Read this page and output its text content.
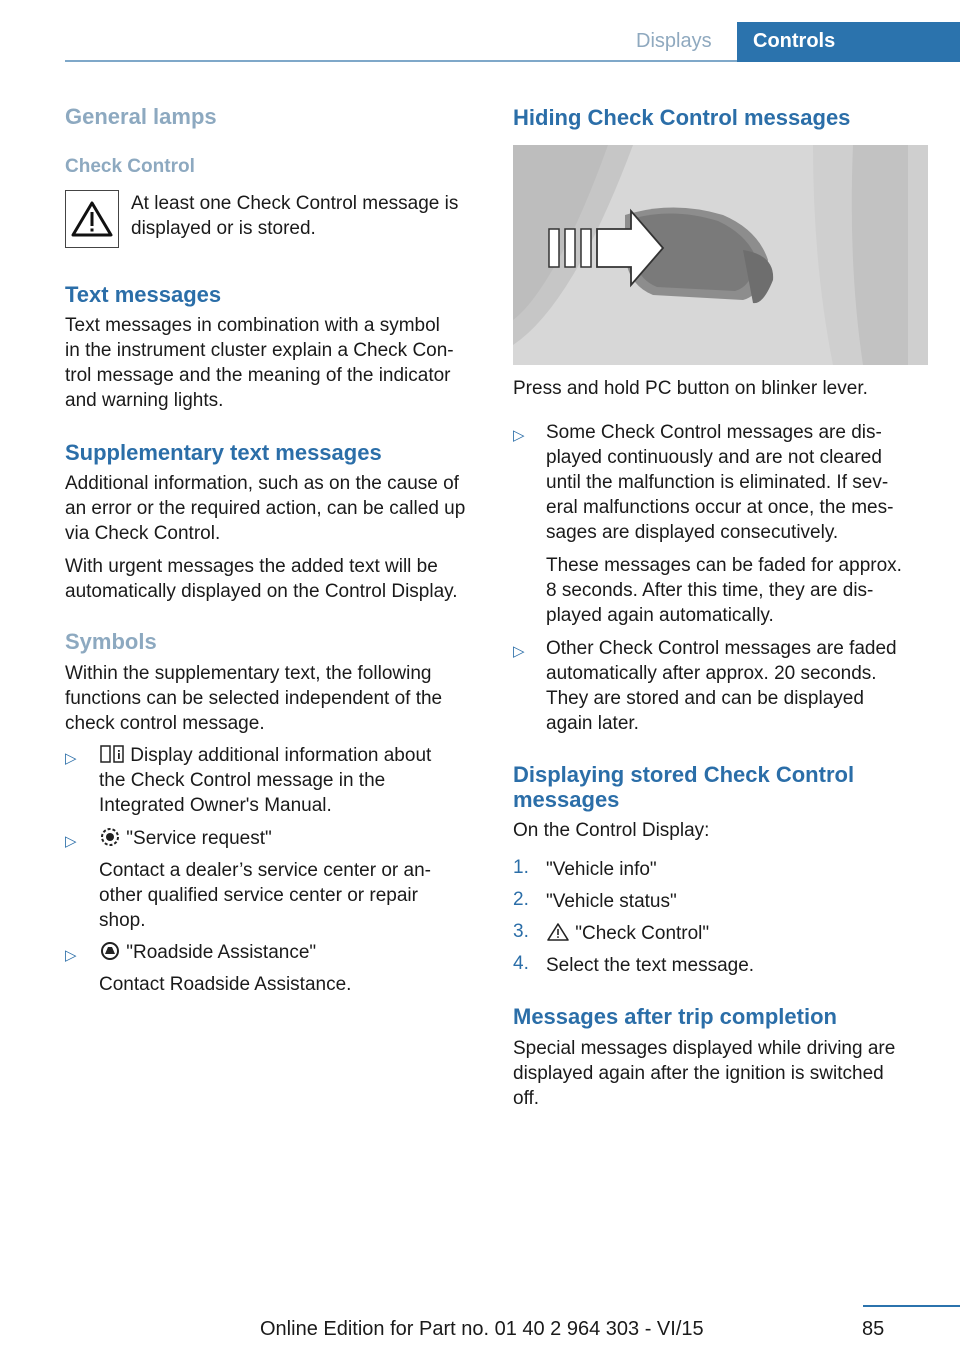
Displays Controls
General lamps
Check Control

At least one Check Control message is

displayed or is stored.

Text messages

Text messages in combination with a symbol

in the instrument cluster explain a Check Con-

trol message and the meaning of the indicator

and warning lights.

Supplementary text messages

Additional information, such as on the cause of

an error or the required action, can be called up

via Check Control.

With urgent messages the added text will be

automatically displayed on the Control Display.

Symbols

Within the supplementary text, the following

functions can be selected independent of the

check control message.

▷	Display additional information about

the Check Control message in the

Integrated Owner's Manual.

▷	"Service request"

Contact a dealer’s service center or an-

other qualified service center or repair

shop.

▷	"Roadside Assistance"

Contact Roadside Assistance.

Hiding Check Control messages

Press and hold PC button on blinker lever.

▷ Some Check Control messages are dis-

played continuously and are not cleared

until the malfunction is eliminated. If sev-

eral malfunctions occur at once, the mes-

sages are displayed consecutively.

These messages can be faded for approx.

8 seconds. After this time, they are dis-

played again automatically.

▷ Other Check Control messages are faded

automatically after approx. 20 seconds.

They are stored and can be displayed

again later.

Displaying stored Check Control
messages

On the Control Display:

1. "Vehicle info"

2. "Vehicle status"

3.	"Check Control"

4. Select the text message.

Messages after trip completion

Special messages displayed while driving are

displayed again after the ignition is switched

off.

Online Edition for Part no. 01 40 2 964 303 - VI/15	85
